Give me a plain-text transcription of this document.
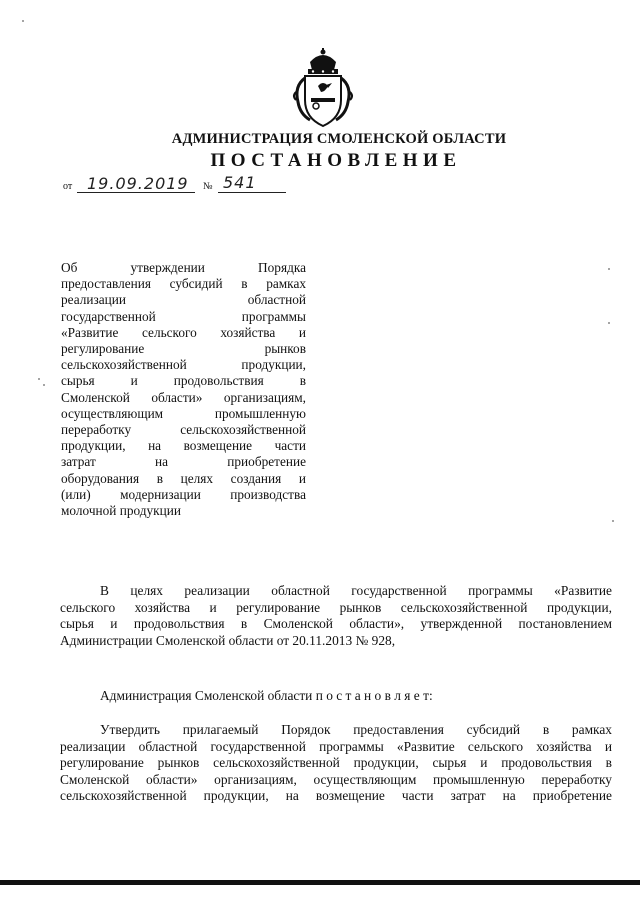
АДМИНИСТРАЦИЯ СМОЛЕНСКОЙ ОБЛАСТИ
ПОСТАНОВЛЕНИЕ
от 19.09.2019 № 541
Об утверждении Порядка
предоставления субсидий в рамках
реализации областной
государственной программы
«Развитие сельского хозяйства и
регулирование рынков
сельскохозяйственной продукции,
сырья и продовольствия в
Смоленской области» организациям,
осуществляющим промышленную
переработку сельскохозяйственной
продукции, на возмещение части
затрат на приобретение
оборудования в целях создания и
(или) модернизации производства
молочной продукции
В целях реализации областной государственной программы «Развитие
сельского хозяйства и регулирование рынков сельскохозяйственной продукции,
сырья и продовольствия в Смоленской области», утвержденной постановлением
Администрации Смоленской области от 20.11.2013 № 928,
Администрация Смоленской области п о с т а н о в л я е т:
Утвердить прилагаемый Порядок предоставления субсидий в рамках
реализации областной государственной программы «Развитие сельского хозяйства и
регулирование рынков сельскохозяйственной продукции, сырья и продовольствия в
Смоленской области» организациям, осуществляющим промышленную переработку
сельскохозяйственной продукции, на возмещение части затрат на приобретение
